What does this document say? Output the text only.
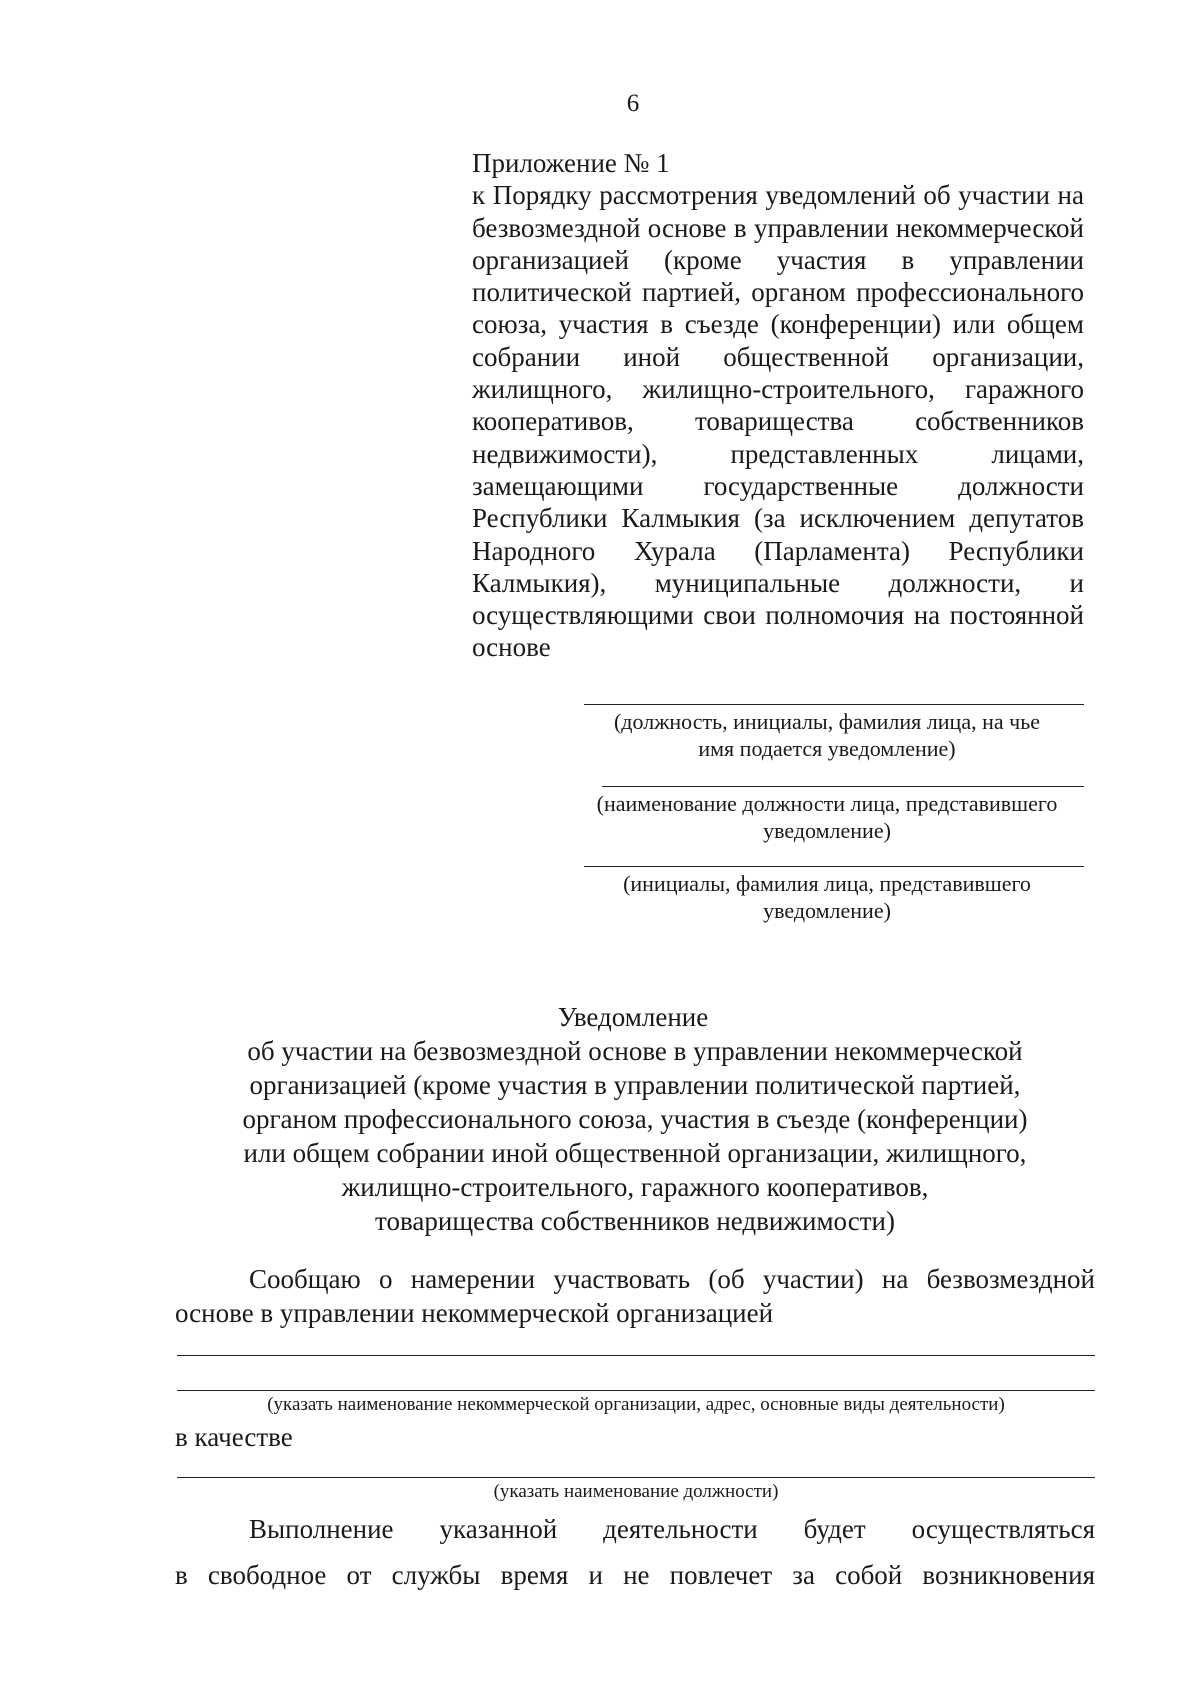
6
Приложение № 1
к Порядку рассмотрения уведомлений об участии на безвозмездной основе в управлении некоммерческой организацией (кроме участия в управлении политической партией, органом профессионального союза, участия в съезде (конференции) или общем собрании иной общественной организации, жилищного, жилищно-строительного, гаражного кооперативов, товарищества собственников недвижимости), представленных лицами, замещающими государственные должности Республики Калмыкия (за исключением депутатов Народного Хурала (Парламента) Республики Калмыкия), муниципальные должности, и осуществляющими свои полномочия на постоянной основе
(должность, инициалы, фамилия лица, на чье
имя подается уведомление)
(наименование должности лица, представившего
уведомление)
(инициалы, фамилия лица, представившего
уведомление)
Уведомление
об участии на безвозмездной основе в управлении некоммерческой
организацией (кроме участия в управлении политической партией,
органом профессионального союза, участия в съезде (конференции)
или общем собрании иной общественной организации, жилищного,
жилищно-строительного, гаражного кооперативов,
товарищества собственников недвижимости)
Сообщаю о намерении участвовать (об участии) на безвозмездной
основе в управлении некоммерческой организацией
(указать наименование некоммерческой организации, адрес, основные виды деятельности)
в качестве
(указать наименование должности)
Выполнение указанной деятельности будет осуществляться
в свободное от службы время и не повлечет за собой возникновения
